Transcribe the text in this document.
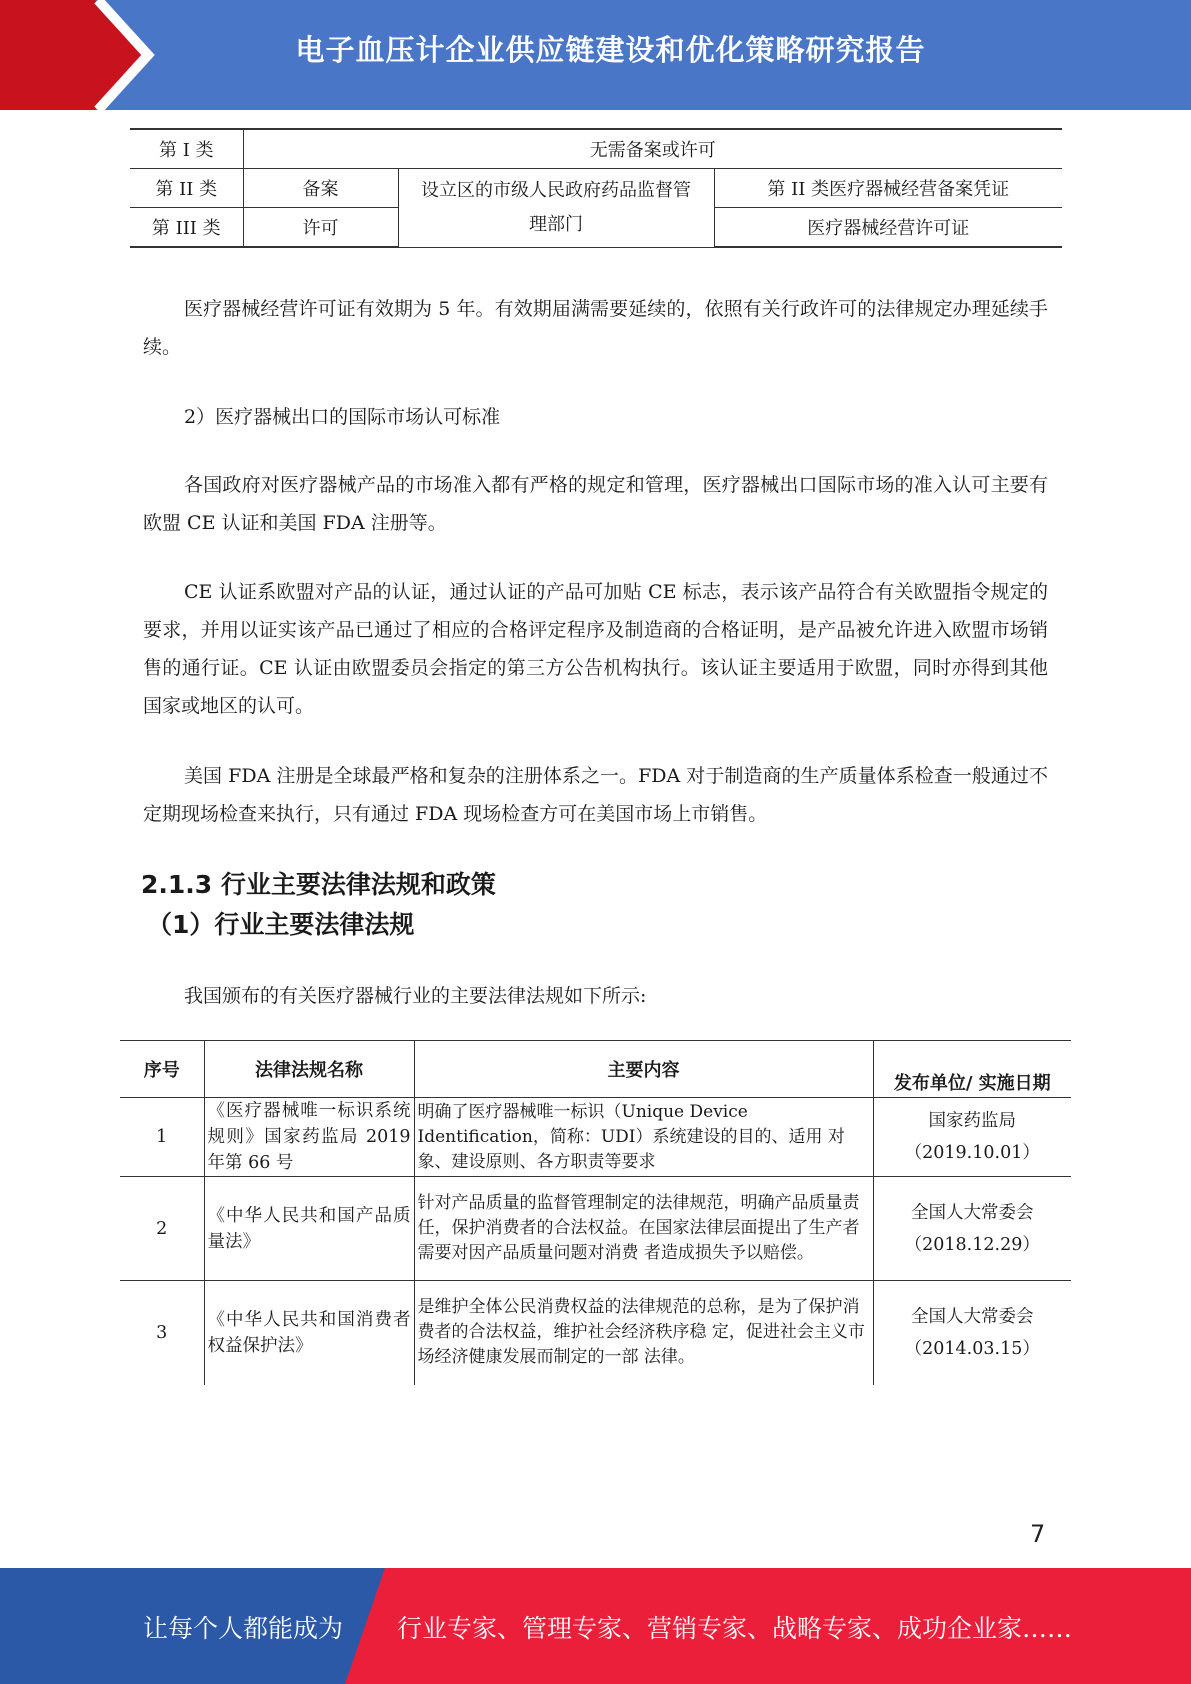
电子血压计企业供应链建设和优化策略研究报告
第 I 类	无需备案或许可		
第 II 类	备案	设立区的市级人民政府药品监督管理部门	第 II 类医疗器械经营备案凭证
第 III 类	许可		医疗器械经营许可证

医疗器械经营许可证有效期为 5 年。有效期届满需要延续的，依照有关行政许可的法律规定办理延续手续。

2）医疗器械出口的国际市场认可标准

各国政府对医疗器械产品的市场准入都有严格的规定和管理，医疗器械出口国际市场的准入认可主要有欧盟 CE 认证和美国 FDA 注册等。

CE 认证系欧盟对产品的认证，通过认证的产品可加贴 CE 标志，表示该产品符合有关欧盟指令规定的要求，并用以证实该产品已通过了相应的合格评定程序及制造商的合格证明，是产品被允许进入欧盟市场销售的通行证。CE 认证由欧盟委员会指定的第三方公告机构执行。该认证主要适用于欧盟，同时亦得到其他国家或地区的认可。

美国 FDA 注册是全球最严格和复杂的注册体系之一。FDA 对于制造商的生产质量体系检查一般通过不定期现场检查来执行，只有通过 FDA 现场检查方可在美国市场上市销售。

2.1.3 行业主要法律法规和政策
（1）行业主要法律法规

我国颁布的有关医疗器械行业的主要法律法规如下所示:

序号	法律法规名称	主要内容	发布单位/ 实施日期
1	《医疗器械唯一标识系统规则》国家药监局 2019 年第 66 号	明确了医疗器械唯一标识（Unique Device Identification，简称：UDI）系统建设的目的、适用 对象、建设原则、各方职责等要求	国家药监局
（2019.10.01）

2	《中华人民共和国产品质量法》	针对产品质量的监督管理制定的法律规范，明确产品质量责任，保护消费者的合法权益。在国家法律层面提出了生产者需要对因产品质量问题对消费 者造成损失予以赔偿。	全国人大常委会
（2018.12.29）

3	《中华人民共和国消费者权益保护法》	是维护全体公民消费权益的法律规范的总称，是为了保护消费者的合法权益，维护社会经济秩序稳 定，促进社会主义市场经济健康发展而制定的一部 法律。	全国人大常委会
（2014.03.15）
7
让每个人都能成为 行业专家、管理专家、营销专家、战略专家、成功企业家……
